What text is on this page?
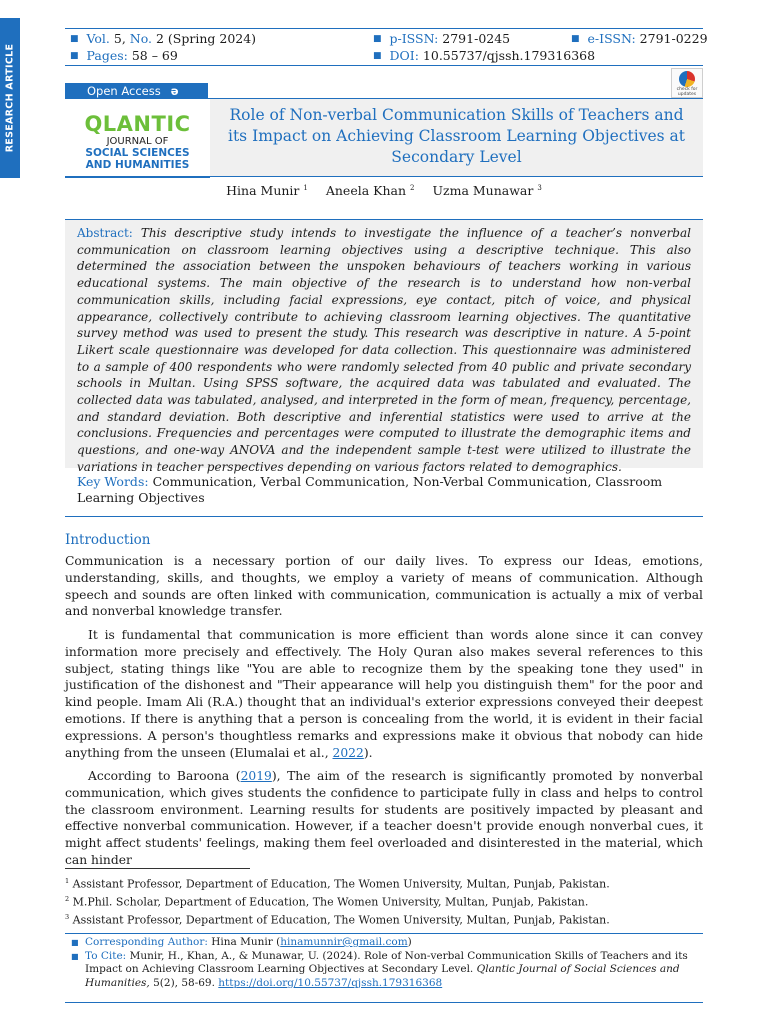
RESEARCH ARTICLE
■ Vol. 5, No. 2 (Spring 2024)
■ Pages: 58 – 69
■ p-ISSN: 2791-0245
■ DOI: 10.55737/qjssh.179316368
■ e-ISSN: 2791-0229
Open Access ə	check for updates
QLANTIC
JOURNAL OF
SOCIAL SCIENCES
AND HUMANITIES
Role of Non-verbal Communication Skills of Teachers and its Impact on Achieving Classroom Learning Objectives at Secondary Level
Hina Munir $^1$ Aneela Khan $^2$ Uzma Munawar $^3$
Abstract: This descriptive study intends to investigate the influence of a teacher’s nonverbal communication on classroom learning objectives using a descriptive technique. This also determined the association between the unspoken behaviours of teachers working in various educational systems. The main objective of the research is to understand how non-verbal communication skills, including facial expressions, eye contact, pitch of voice, and physical appearance, collectively contribute to achieving classroom learning objectives. The quantitative survey method was used to present the study. This research was descriptive in nature. A 5-point Likert scale questionnaire was developed for data collection. This questionnaire was administered to a sample of 400 respondents who were randomly selected from 40 public and private secondary schools in Multan. Using SPSS software, the acquired data was tabulated and evaluated. The collected data was tabulated, analysed, and interpreted in the form of mean, frequency, percentage, and standard deviation. Both descriptive and inferential statistics were used to arrive at the conclusions. Frequencies and percentages were computed to illustrate the demographic items and questions, and one-way ANOVA and the independent sample t-test were utilized to illustrate the variations in teacher perspectives depending on various factors related to demographics.
Key Words: Communication, Verbal Communication, Non-Verbal Communication, Classroom Learning Objectives
Introduction
Communication is a necessary portion of our daily lives. To express our Ideas, emotions, understanding, skills, and thoughts, we employ a variety of means of communication. Although speech and sounds are often linked with communication, communication is actually a mix of verbal and nonverbal knowledge transfer.
It is fundamental that communication is more efficient than words alone since it can convey information more precisely and effectively. The Holy Quran also makes several references to this subject, stating things like "You are able to recognize them by the speaking tone they used" in justification of the dishonest and "Their appearance will help you distinguish them" for the poor and kind people. Imam Ali (R.A.) thought that an individual's exterior expressions conveyed their deepest emotions. If there is anything that a person is concealing from the world, it is evident in their facial expressions. A person's thoughtless remarks and expressions make it obvious that nobody can hide anything from the unseen (Elumalai et al., 2022).
According to Baroona (2019), The aim of the research is significantly promoted by nonverbal communication, which gives students the confidence to participate fully in class and helps to control the classroom environment. Learning results for students are positively impacted by pleasant and effective nonverbal communication. However, if a teacher doesn't provide enough nonverbal cues, it might affect students' feelings, making them feel overloaded and disinterested in the material, which can hinder
$^1$ Assistant Professor, Department of Education, The Women University, Multan, Punjab, Pakistan.
$^2$ M.Phil. Scholar, Department of Education, The Women University, Multan, Punjab, Pakistan.
$^3$ Assistant Professor, Department of Education, The Women University, Multan, Punjab, Pakistan.
■ Corresponding Author: Hina Munir (hinamunnir@gmail.com)
■ To Cite: Munir, H., Khan, A., & Munawar, U. (2024). Role of Non-verbal Communication Skills of Teachers and its Impact on Achieving Classroom Learning Objectives at Secondary Level. Qlantic Journal of Social Sciences and Humanities, 5(2), 58-69. https://doi.org/10.55737/qjssh.179316368
